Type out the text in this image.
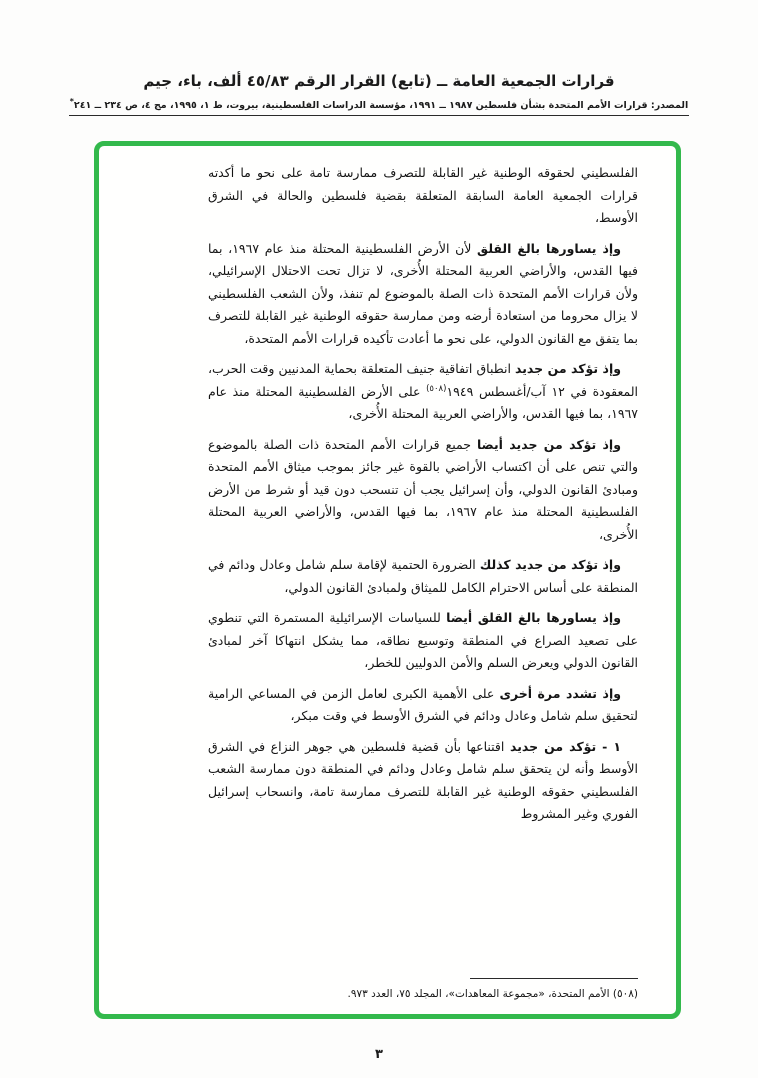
قرارات الجمعية العامة ــ (تابع) القرار الرقم ٤٥/٨٣ ألف، باء، جيم
المصدر: قرارات الأمم المتحدة بشأن فلسطين ١٩٨٧ ــ ١٩٩١، مؤسسة الدراسات الفلسطينية، بيروت، ط ١، ١٩٩٥، مج ٤، ص ٢٣٤ ــ ٢٤١*

الفلسطيني لحقوقه الوطنية غير القابلة للتصرف ممارسة تامة على نحو ما أكدته قرارات الجمعية العامة السابقة المتعلقة بقضية فلسطين والحالة في الشرق الأوسط،

وإذ يساورها بالغ القلق لأن الأرض الفلسطينية المحتلة منذ عام ١٩٦٧، بما فيها القدس، والأراضي العربية المحتلة الأُخرى، لا تزال تحت الاحتلال الإسرائيلي، ولأن قرارات الأمم المتحدة ذات الصلة بالموضوع لم تنفذ، ولأن الشعب الفلسطيني لا يزال محروما من استعادة أرضه ومن ممارسة حقوقه الوطنية غير القابلة للتصرف بما يتفق مع القانون الدولي، على نحو ما أعادت تأكيده قرارات الأمم المتحدة،

وإذ تؤكد من جديد انطباق اتفاقية جنيف المتعلقة بحماية المدنيين وقت الحرب، المعقودة في ١٢ آب/أغسطس ١٩٤٩$^{(٥٠٨)}$ على الأرض الفلسطينية المحتلة منذ عام ١٩٦٧، بما فيها القدس، والأراضي العربية المحتلة الأُخرى،

وإذ تؤكد من جديد أيضا جميع قرارات الأمم المتحدة ذات الصلة بالموضوع والتي تنص على أن اكتساب الأراضي بالقوة غير جائز بموجب ميثاق الأمم المتحدة ومبادئ القانون الدولي، وأن إسرائيل يجب أن تنسحب دون قيد أو شرط من الأرض الفلسطينية المحتلة منذ عام ١٩٦٧، بما فيها القدس، والأراضي العربية المحتلة الأُخرى،

وإذ تؤكد من جديد كذلك الضرورة الحتمية لإقامة سلم شامل وعادل ودائم في المنطقة على أساس الاحترام الكامل للميثاق ولمبادئ القانون الدولي،

وإذ يساورها بالغ القلق أيضا للسياسات الإسرائيلية المستمرة التي تنطوي على تصعيد الصراع في المنطقة وتوسيع نطاقه، مما يشكل انتهاكا آخر لمبادئ القانون الدولي ويعرض السلم والأمن الدوليين للخطر،

وإذ تشدد مرة أخرى على الأهمية الكبرى لعامل الزمن في المساعي الرامية لتحقيق سلم شامل وعادل ودائم في الشرق الأوسط في وقت مبكر،

١ - تؤكد من جديد اقتناعها بأن قضية فلسطين هي جوهر النزاع في الشرق الأوسط وأنه لن يتحقق سلم شامل وعادل ودائم في المنطقة دون ممارسة الشعب الفلسطيني حقوقه الوطنية غير القابلة للتصرف ممارسة تامة، وانسحاب إسرائيل الفوري وغير المشروط

(٥٠٨) الأمم المتحدة، «مجموعة المعاهدات»، المجلد ٧٥، العدد ٩٧٣.

٣
